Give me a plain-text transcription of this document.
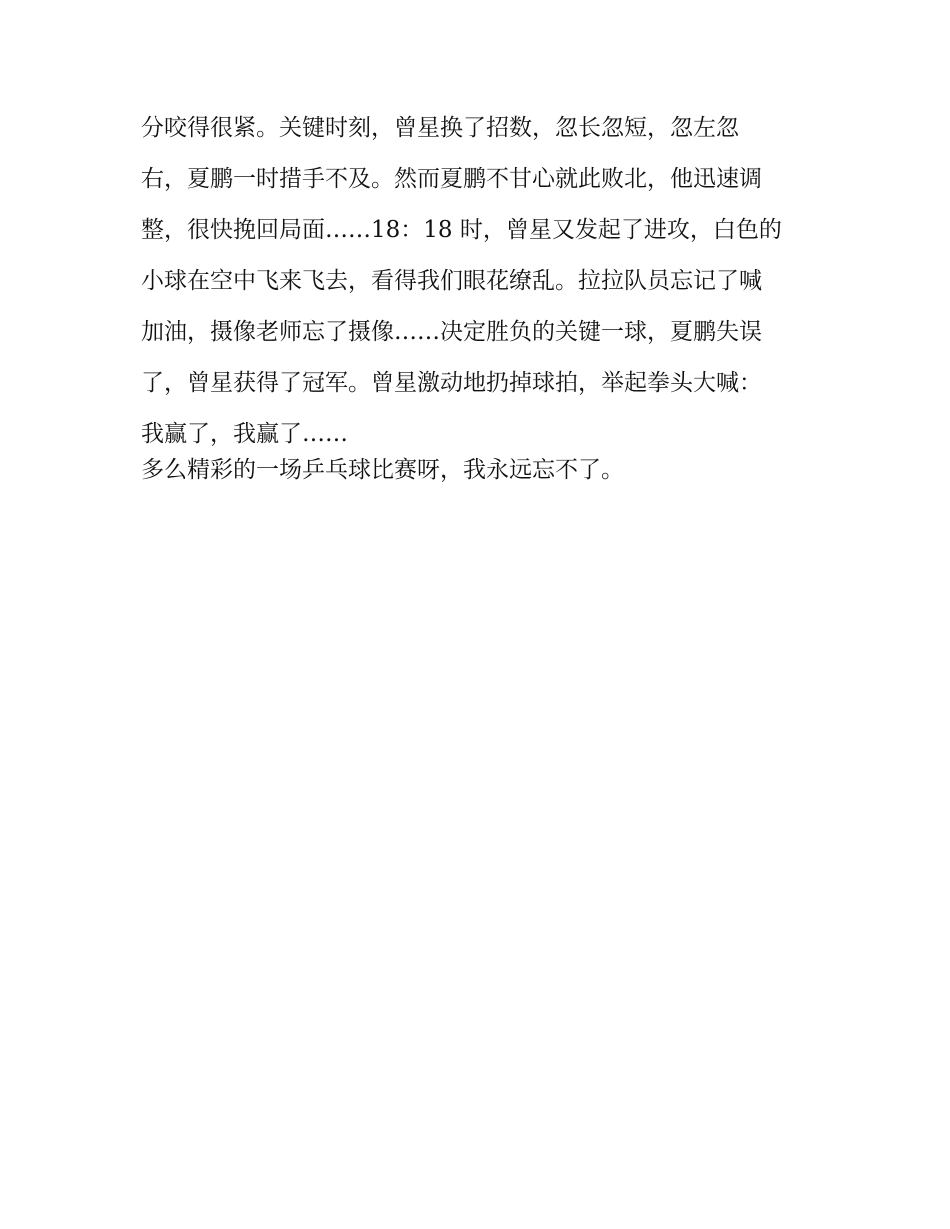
分咬得很紧。关键时刻，曾星换了招数，忽长忽短，忽左忽
右，夏鹏一时措手不及。然而夏鹏不甘心就此败北，他迅速调
整，很快挽回局面……18：18 时，曾星又发起了进攻，白色的
小球在空中飞来飞去，看得我们眼花缭乱。拉拉队员忘记了喊
加油，摄像老师忘了摄像……决定胜负的关键一球，夏鹏失误
了，曾星获得了冠军。曾星激动地扔掉球拍，举起拳头大喊：
我赢了，我赢了……
多么精彩的一场乒乓球比赛呀，我永远忘不了。
